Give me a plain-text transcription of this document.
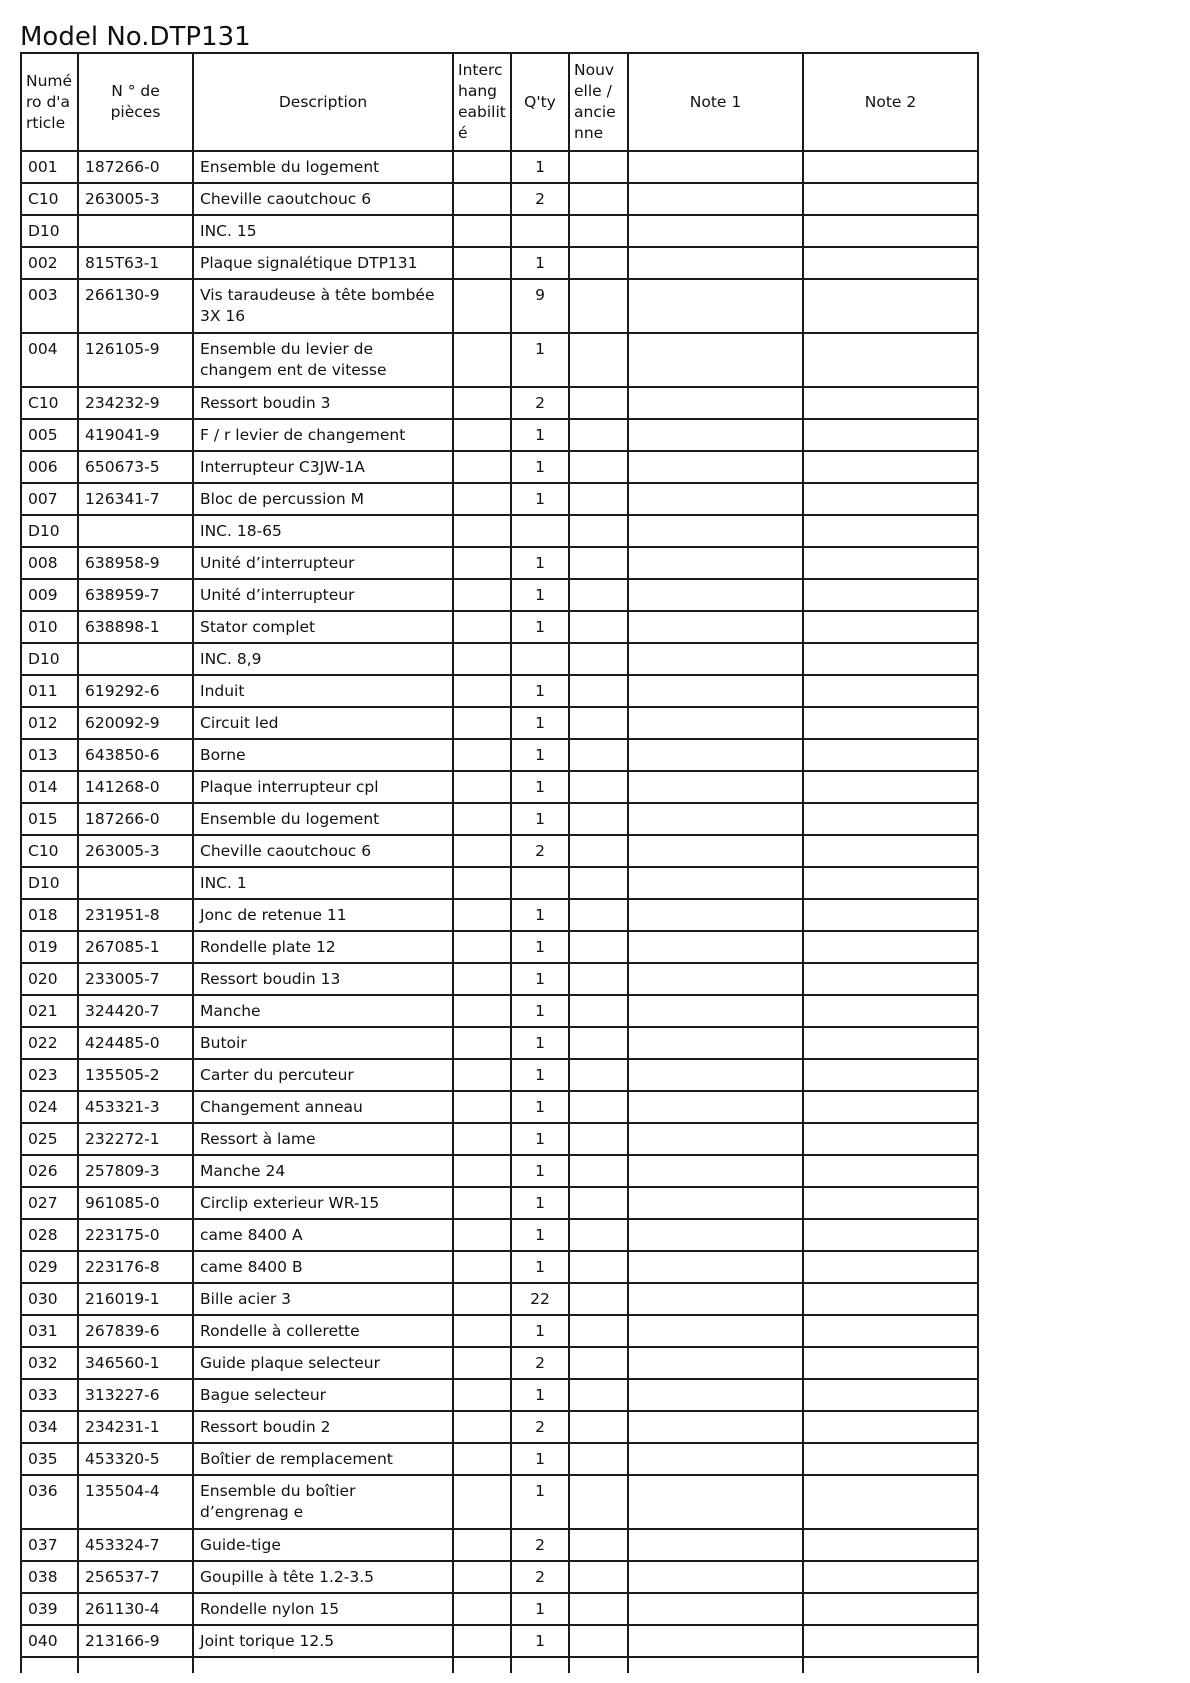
Model No.DTP131
Numé ro d'a rticle	N ° de pièces	Description	Interc hang eabilit é	Q'ty	Nouv elle / ancie nne	Note 1	Note 2
001	187266-0	Ensemble du logement		1			
C10	263005-3	Cheville caoutchouc 6		2			
D10		INC. 15					
002	815T63-1	Plaque signalétique DTP131		1			
003	266130-9	Vis taraudeuse à tête bombée 3X 16		9			
004	126105-9	Ensemble du levier de changem ent de vitesse		1			
C10	234232-9	Ressort boudin 3		2			
005	419041-9	F / r levier de changement		1			
006	650673-5	Interrupteur C3JW-1A		1			
007	126341-7	Bloc de percussion M		1			
D10		INC. 18-65					
008	638958-9	Unité d’interrupteur		1			
009	638959-7	Unité d’interrupteur		1			
010	638898-1	Stator complet		1			
D10		INC. 8,9					
011	619292-6	Induit		1			
012	620092-9	Circuit led		1			
013	643850-6	Borne		1			
014	141268-0	Plaque interrupteur cpl		1			
015	187266-0	Ensemble du logement		1			
C10	263005-3	Cheville caoutchouc 6		2			
D10		INC. 1					
018	231951-8	Jonc de retenue 11		1			
019	267085-1	Rondelle plate 12		1			
020	233005-7	Ressort boudin 13		1			
021	324420-7	Manche		1			
022	424485-0	Butoir		1			
023	135505-2	Carter du percuteur		1			
024	453321-3	Changement anneau		1			
025	232272-1	Ressort à lame		1			
026	257809-3	Manche 24		1			
027	961085-0	Circlip exterieur WR-15		1			
028	223175-0	came 8400 A		1			
029	223176-8	came 8400 B		1			
030	216019-1	Bille acier 3		22			
031	267839-6	Rondelle à collerette		1			
032	346560-1	Guide plaque selecteur		2			
033	313227-6	Bague selecteur		1			
034	234231-1	Ressort boudin 2		2			
035	453320-5	Boîtier de remplacement		1			
036	135504-4	Ensemble du boîtier d’engrenag e		1			
037	453324-7	Guide-tige		2			
038	256537-7	Goupille à tête 1.2-3.5		2			
039	261130-4	Rondelle nylon 15		1			
040	213166-9	Joint torique 12.5		1			
